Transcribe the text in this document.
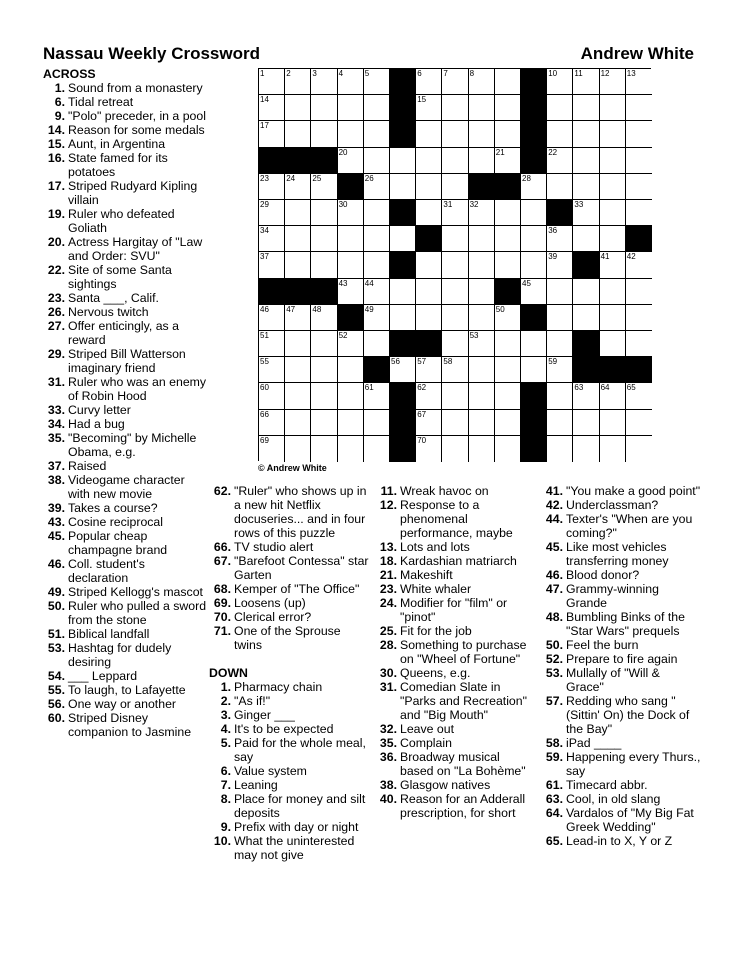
Nassau Weekly Crossword	Andrew White
1	2	3	4	5	6	7	8	10 11 12 13
14	15
17
20	21	22
23 24 25	26	28
29	30	31 32	33
34	36
37	39	41 42
43 44	45
46 47 48	49	50
51	52	53
55	56 57 58	59
60	61	62	63 64 65
66	67
69	70
© Andrew White
ACROSS
1. Sound from a monastery
6. Tidal retreat
9. "Polo" preceder, in a pool
14. Reason for some medals
15. Aunt, in Argentina
16. State famed for its potatoes
17. Striped Rudyard Kipling villain
19. Ruler who defeated Goliath
20. Actress Hargitay of "Law and Order: SVU"
22. Site of some Santa sightings
23. Santa ___, Calif.
26. Nervous twitch
27. Offer enticingly, as a reward
29. Striped Bill Watterson imaginary friend
31. Ruler who was an enemy of Robin Hood
33. Curvy letter
34. Had a bug
35. "Becoming" by Michelle Obama, e.g.
37. Raised
38. Videogame character with new movie
39. Takes a course?
43. Cosine reciprocal
45. Popular cheap champagne brand
46. Coll. student's declaration
49. Striped Kellogg's mascot
50. Ruler who pulled a sword from the stone
51. Biblical landfall
53. Hashtag for dudely desiring
54. ___ Leppard
55. To laugh, to Lafayette
56. One way or another
60. Striped Disney companion to Jasmine
62. "Ruler" who shows up in a new hit Netflix docuseries... and in four rows of this puzzle
66. TV studio alert
67. "Barefoot Contessa" star Garten
68. Kemper of "The Office"
69. Loosens (up)
70. Clerical error?
71. One of the Sprouse twins
DOWN
1. Pharmacy chain
2. "As if!"
3. Ginger ___
4. It's to be expected
5. Paid for the whole meal, say
6. Value system
7. Leaning
8. Place for money and silt deposits
9. Prefix with day or night
10. What the uninterested may not give
11. Wreak havoc on
12. Response to a phenomenal performance, maybe
13. Lots and lots
18. Kardashian matriarch
21. Makeshift
23. White whaler
24. Modifier for "film" or "pinot"
25. Fit for the job
28. Something to purchase on "Wheel of Fortune"
30. Queens, e.g.
31. Comedian Slate in "Parks and Recreation" and "Big Mouth"
32. Leave out
35. Complain
36. Broadway musical based on "La Bohème"
38. Glasgow natives
40. Reason for an Adderall prescription, for short
41. "You make a good point"
42. Underclassman?
44. Texter's "When are you coming?"
45. Like most vehicles transferring money
46. Blood donor?
47. Grammy-winning Grande
48. Bumbling Binks of the "Star Wars" prequels
50. Feel the burn
52. Prepare to fire again
53. Mullally of "Will & Grace"
57. Redding who sang "(Sittin' On) the Dock of the Bay"
58. iPad ____
59. Happening every Thurs., say
61. Timecard abbr.
63. Cool, in old slang
64. Vardalos of "My Big Fat Greek Wedding"
65. Lead-in to X, Y or Z
